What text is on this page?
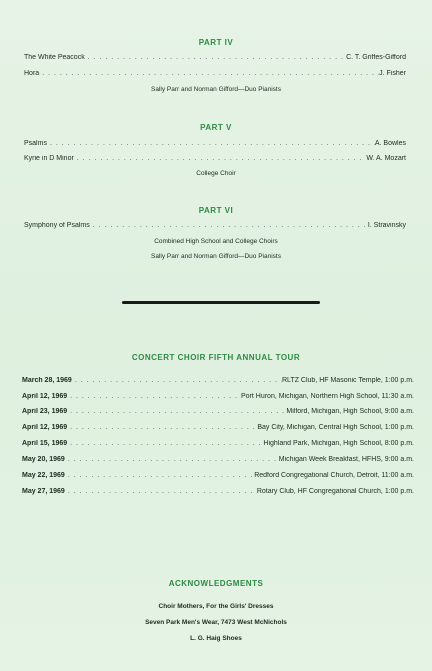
PART IV
The White Peacock . . .	C. T. Griffes-Gifford
Hora . . .	J. Fisher
Sally Parr and Norman Gifford—Duo Pianists
PART V
Psalms . . .	A. Bowles
Kyrie in D Minor . . .	W. A. Mozart
College Choir
PART VI
Symphony of Psalms . . .	I. Stravinsky
Combined High School and College Choirs
Sally Parr and Norman Gifford—Duo Pianists
CONCERT CHOIR FIFTH ANNUAL TOUR
March 28, 1969 . . .	RLTZ Club, HF Masonic Temple, 1:00 p.m.
April 12, 1969 . . .	Port Huron, Michigan, Northern High School, 11:30 a.m.
April 23, 1969 . . .	Milford, Michigan, High School, 9:00 a.m.
April 12, 1969 . . .	Bay City, Michigan, Central High School, 1:00 p.m.
April 15, 1969 . . .	Highland Park, Michigan, High School, 8:00 p.m.
May 20, 1969 . . .	Michigan Week Breakfast, HFHS, 9:00 a.m.
May 22, 1969 . . .	Redford Congregational Church, Detroit, 11:00 a.m.
May 27, 1969 . . .	Rotary Club, HF Congregational Church, 1:00 p.m.
ACKNOWLEDGMENTS
Choir Mothers, For the Girls' Dresses
Seven Park Men's Wear, 7473 West McNichols
L. G. Haig Shoes
